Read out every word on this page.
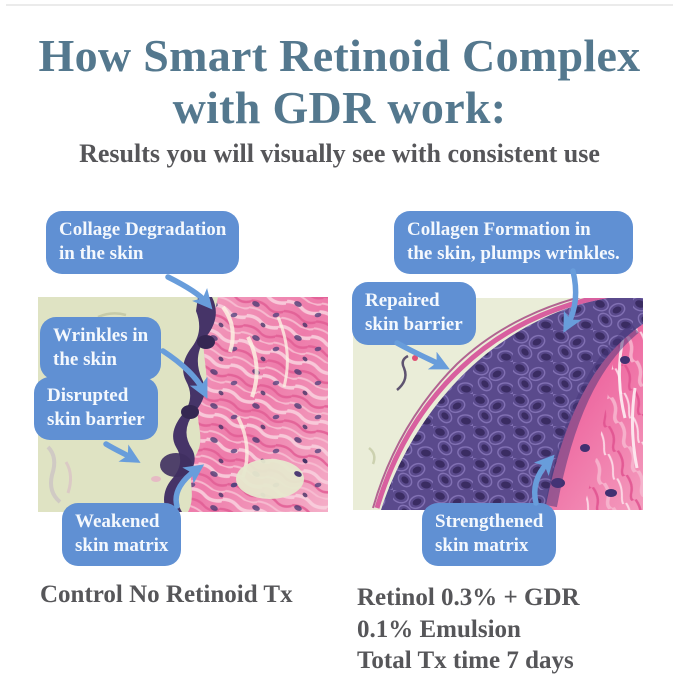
How Smart Retinoid Complex
with GDR work:
Results you will visually see with consistent use
Collage Degradation
in the skin
Wrinkles in
the skin
Disrupted
skin barrier
Weakened
skin matrix
Collagen Formation in
the skin, plumps wrinkles.
Repaired
skin barrier
Strengthened
skin matrix
Control No Retinoid Tx	Retinol 0.3% + GDR
0.1% Emulsion
Total Tx time 7 days
